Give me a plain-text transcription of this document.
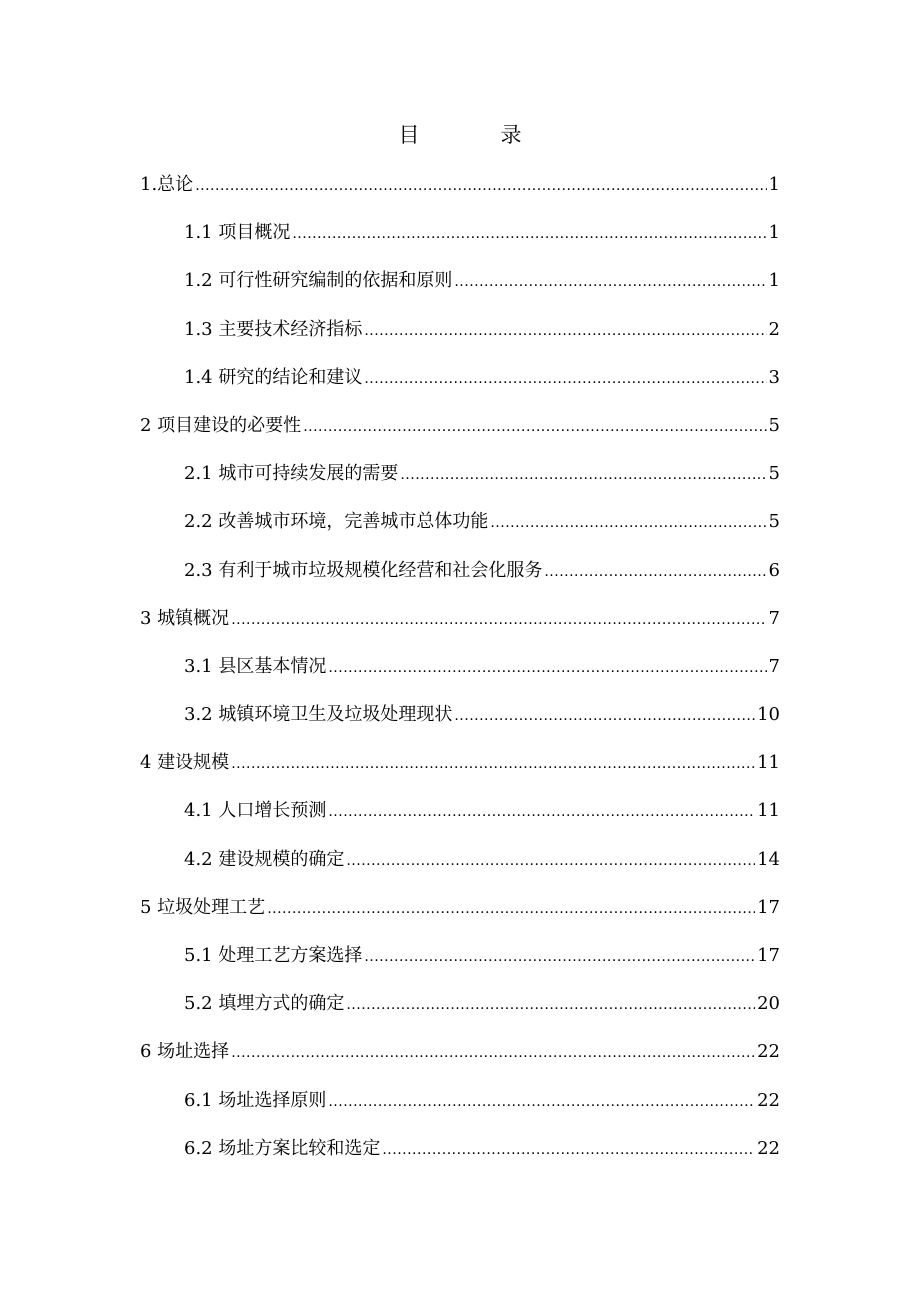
目　录
1.总论 .....	1
1.1 项目概况 .....	1
1.2 可行性研究编制的依据和原则 .....	1
1.3 主要技术经济指标 .....	2
1.4 研究的结论和建议 .....	3
2 项目建设的必要性 .....	5
2.1 城市可持续发展的需要 .....	5
2.2 改善城市环境，完善城市总体功能 .....	5
2.3 有利于城市垃圾规模化经营和社会化服务 .....	6
3 城镇概况 .....	7
3.1 县区基本情况 .....	7
3.2 城镇环境卫生及垃圾处理现状 .....	10
4 建设规模 .....	11
4.1 人口增长预测 .....	11
4.2 建设规模的确定 .....	14
5 垃圾处理工艺 .....	17
5.1 处理工艺方案选择 .....	17
5.2 填埋方式的确定 .....	20
6 场址选择 .....	22
6.1 场址选择原则 .....	22
6.2 场址方案比较和选定 .....	22
